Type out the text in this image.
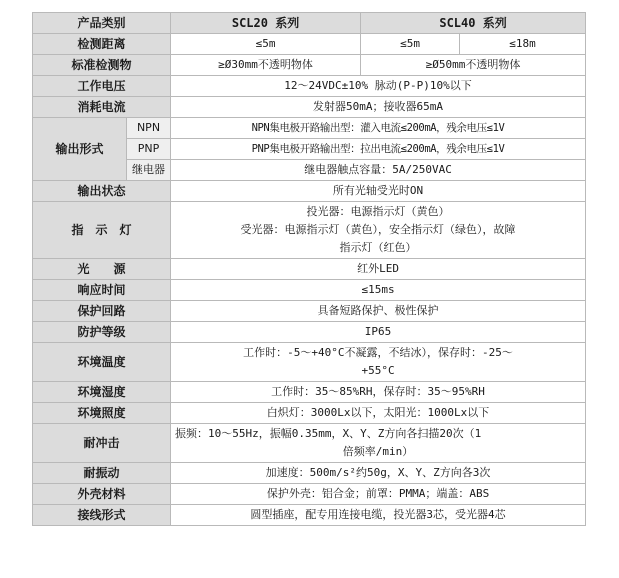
产品类别		SCL20 系列	SCL40 系列	
检测距离		≤5m	≤5m	≤18m
标准检测物		≥Ø30mm不透明物体	≥Ø50mm不透明物体	
工作电压		12～24VDC±10% 脉动(P-P)10%以下		
消耗电流		发射器50mA；接收器65mA		
输出形式	NPN	NPN集电极开路输出型：灌入电流≤200mA，残余电压≤1V		
	PNP	PNP集电极开路输出型：拉出电流≤200mA，残余电压≤1V		
	继电器	继电器触点容量：5A/250VAC		
输出状态		所有光轴受光时ON		
指　示　灯		投光器：电源指示灯（黄色）
受光器：电源指示灯（黄色），安全指示灯（绿色），故障
指示灯（红色）		

光　　源		红外LED		
响应时间		≤15ms		
保护回路		具备短路保护、极性保护		
防护等级		IP65		
环境温度		工作时：-5～+40°C不凝露，不结冰），保存时：-25～
+55°C		

环境湿度		工作时：35～85%RH，保存时：35～95%RH		
环境照度		白炽灯：3000Lx以下，太阳光：1000Lx以下		
耐冲击		振频：10～55Hz，振幅0.35mm，X、Y、Z方向各扫描20次（1
倍频率/min）		

耐振动		加速度：500m/s²约50g，X、Y、Z方向各3次		
外壳材料		保护外壳：铝合金；前罩：PMMA；端盖：ABS		
接线形式		圆型插座，配专用连接电缆，投光器3芯，受光器4芯		
